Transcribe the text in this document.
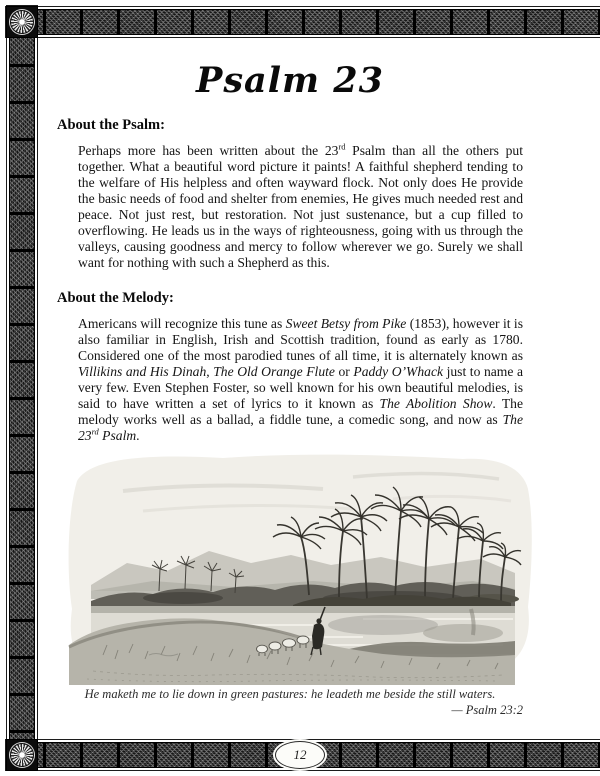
12
Psalm 23
About the Psalm:

Perhaps more has been written about the 23rd Psalm than all the others put together. What a beautiful word picture it paints! A faithful shepherd tending to the welfare of His helpless and often wayward flock. Not only does He provide the basic needs of food and shelter from enemies, He gives much needed rest and peace. Not just rest, but restoration. Not just sustenance, but a cup filled to overflowing. He leads us in the ways of righteousness, going with us through the valleys, causing goodness and mercy to follow wherever we go. Surely we shall want for nothing with such a Shepherd as this.

About the Melody:

Americans will recognize this tune as Sweet Betsy from Pike (1853), however it is also familiar in English, Irish and Scottish tradition, found as early as 1780. Considered one of the most parodied tunes of all time, it is alternately known as Villikins and His Dinah, The Old Orange Flute or Paddy O’Whack just to name a very few. Even Stephen Foster, so well known for his own beautiful melodies, is said to have written a set of lyrics to it known as The Abolition Show. The melody works well as a ballad, a fiddle tune, a comedic song, and now as The 23rd Psalm.

He maketh me to lie down in green pastures: he leadeth me beside the still waters.
— Psalm 23:2
